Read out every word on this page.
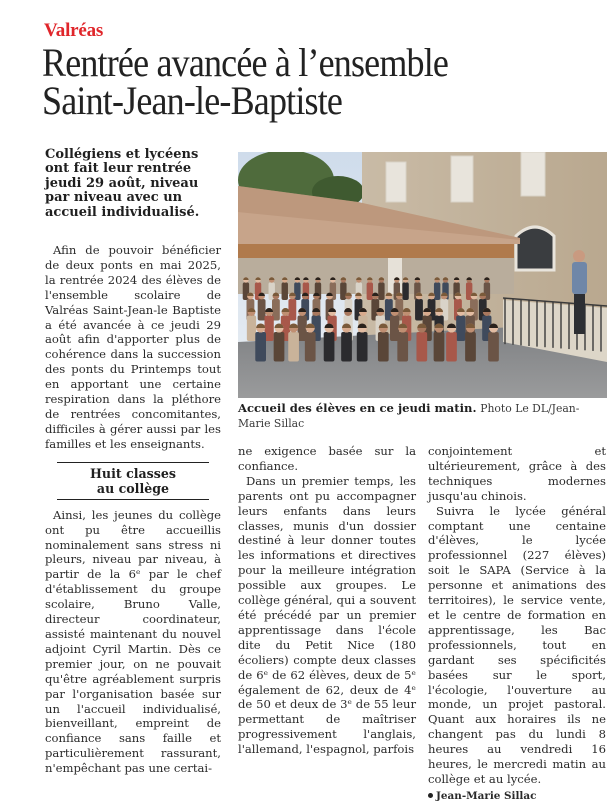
Valréas
Rentrée avancée à l’ensemble
Saint-Jean-le-Baptiste

Collégiens et lycéens ont fait leur rentrée jeudi 29 août, niveau par niveau avec un accueil individualisé.

Afin de pouvoir bénéficier de deux ponts en mai 2025, la rentrée 2024 des élèves de l'ensemble scolaire de Valréas Saint-Jean-le Baptiste a été avancée à ce jeudi 29 août afin d'apporter plus de cohérence dans la succession des ponts du Printemps tout en apportant une certaine respiration dans la pléthore de rentrées concomitantes, difficiles à gérer aussi par les familles et les enseignants.

Huit classes
au collège

Ainsi, les jeunes du collège ont pu être accueillis nominalement sans stress ni pleurs, niveau par niveau, à partir de la 6ᵉ par le chef d'établissement du groupe scolaire, Bruno Valle, directeur coordinateur, assisté maintenant du nouvel adjoint Cyril Martin. Dès ce premier jour, on ne pouvait qu'être agréablement surpris par l'organisation basée sur un l'accueil individualisé, bienveillant, empreint de confiance sans faille et particulièrement rassurant, n'empêchant pas une certai-

Accueil des élèves en ce jeudi matin. Photo Le DL/Jean-Marie Sillac

ne exigence basée sur la confiance.

Dans un premier temps, les parents ont pu accompagner leurs enfants dans leurs classes, munis d'un dossier destiné à leur donner toutes les informations et directives pour la meilleure intégration possible aux groupes. Le collège général, qui a souvent été précédé par un premier apprentissage dans l'école dite du Petit Nice (180 écoliers) compte deux classes de 6ᵉ de 62 élèves, deux de 5ᵉ également de 62, deux de 4ᵉ de 50 et deux de 3ᵉ de 55 leur permettant de maîtriser progressivement l'anglais, l'allemand, l'espagnol, parfois

conjointement et ultérieurement, grâce à des techniques modernes jusqu'au chinois.

Suivra le lycée général comptant une centaine d'élèves, le lycée professionnel (227 élèves) soit le SAPA (Service à la personne et animations des territoires), le service vente, et le centre de formation en apprentissage, les Bac professionnels, tout en gardant ses spécificités basées sur le sport, l'écologie, l'ouverture au monde, un projet pastoral. Quant aux horaires ils ne changent pas du lundi 8 heures au vendredi 16 heures, le mercredi matin au collège et au lycée.

Jean-Marie Sillac
